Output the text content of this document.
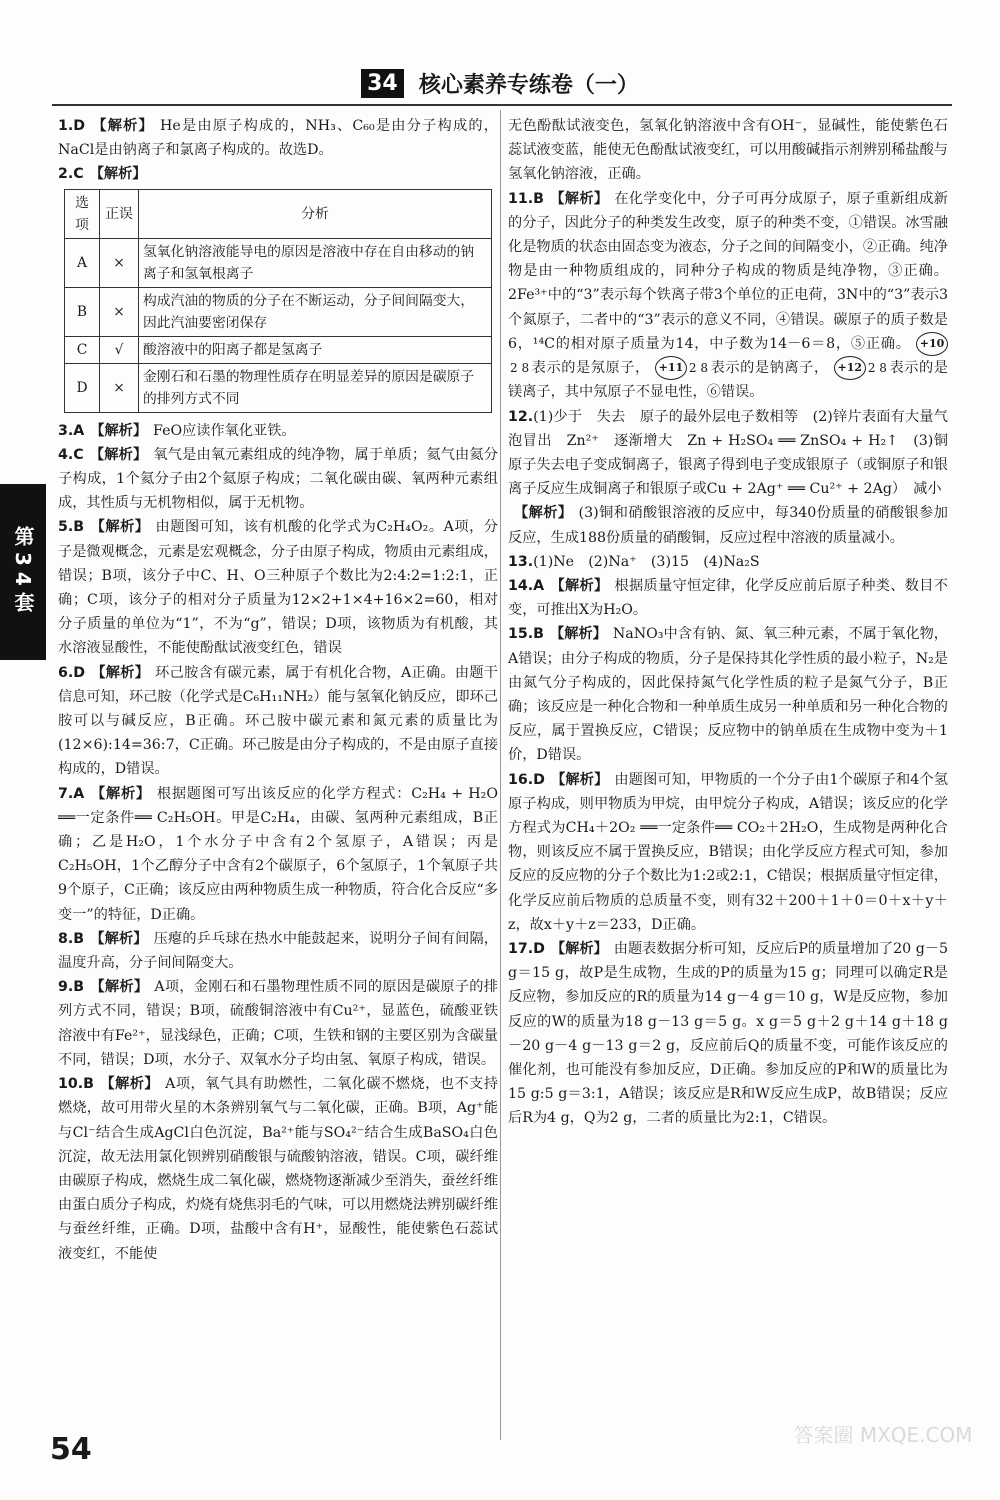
34 核心素养专练卷（一）
第34套
1.D 【解析】 He是由原子构成的，NH₃、C₆₀是由分子构成的，NaCl是由钠离子和氯离子构成的。故选D。
2.C 【解析】
选项	正误	分析
A	×	氢氧化钠溶液能导电的原因是溶液中存在自由移动的钠离子和氢氧根离子
B	×	构成汽油的物质的分子在不断运动，分子间间隔变大，因此汽油要密闭保存
C	√	酸溶液中的阳离子都是氢离子
D	×	金刚石和石墨的物理性质存在明显差异的原因是碳原子的排列方式不同
3.A 【解析】 FeO应读作氧化亚铁。
4.C 【解析】 氧气是由氧元素组成的纯净物，属于单质；氦气由氦分子构成，1个氦分子由2个氦原子构成；二氧化碳由碳、氧两种元素组成，其性质与无机物相似，属于无机物。
5.B 【解析】 由题图可知，该有机酸的化学式为C₂H₄O₂。A项，分子是微观概念，元素是宏观概念，分子由原子构成，物质由元素组成，错误；B项，该分子中C、H、O三种原子个数比为2:4:2=1:2:1，正确；C项，该分子的相对分子质量为12×2+1×4+16×2=60，相对分子质量的单位为“1”，不为“g”，错误；D项，该物质为有机酸，其水溶液显酸性，不能使酚酞试液变红色，错误
6.D 【解析】 环己胺含有碳元素，属于有机化合物，A正确。由题干信息可知，环己胺（化学式是C₆H₁₁NH₂）能与氢氧化钠反应，即环己胺可以与碱反应，B正确。环己胺中碳元素和氮元素的质量比为(12×6):14=36:7，C正确。环己胺是由分子构成的，不是由原子直接构成的，D错误。
7.A 【解析】 根据题图可写出该反应的化学方程式：C₂H₄ + H₂O ══一定条件══ C₂H₅OH。甲是C₂H₄，由碳、氢两种元素组成，B正确；乙是H₂O，1个水分子中含有2个氢原子，A错误；丙是C₂H₅OH，1个乙醇分子中含有2个碳原子，6个氢原子，1个氧原子共9个原子，C正确；该反应由两种物质生成一种物质，符合化合反应“多变一”的特征，D正确。
8.B 【解析】 压瘪的乒乓球在热水中能鼓起来，说明分子间有间隔，温度升高，分子间间隔变大。
9.B 【解析】 A项，金刚石和石墨物理性质不同的原因是碳原子的排列方式不同，错误；B项，硫酸铜溶液中有Cu²⁺，显蓝色，硫酸亚铁溶液中有Fe²⁺，显浅绿色，正确；C项，生铁和钢的主要区别为含碳量不同，错误；D项，水分子、双氧水分子均由氢、氧原子构成，错误。
10.B 【解析】 A项，氧气具有助燃性，二氧化碳不燃烧，也不支持燃烧，故可用带火星的木条辨别氧气与二氧化碳，正确。B项，Ag⁺能与Cl⁻结合生成AgCl白色沉淀，Ba²⁺能与SO₄²⁻结合生成BaSO₄白色沉淀，故无法用氯化钡辨别硝酸银与硫酸钠溶液，错误。C项，碳纤维由碳原子构成，燃烧生成二氧化碳，燃烧物逐渐减少至消失，蚕丝纤维由蛋白质分子构成，灼烧有烧焦羽毛的气味，可以用燃烧法辨别碳纤维与蚕丝纤维，正确。D项，盐酸中含有H⁺，显酸性，能使紫色石蕊试液变红，不能使
无色酚酞试液变色，氢氧化钠溶液中含有OH⁻，显碱性，能使紫色石蕊试液变蓝，能使无色酚酞试液变红，可以用酸碱指示剂辨别稀盐酸与氢氧化钠溶液，正确。
11.B 【解析】 在化学变化中，分子可再分成原子，原子重新组成新的分子，因此分子的种类发生改变，原子的种类不变，①错误。冰雪融化是物质的状态由固态变为液态，分子之间的间隔变小，②正确。纯净物是由一种物质组成的，同种分子构成的物质是纯净物，③正确。2Fe³⁺中的“3”表示每个铁离子带3个单位的正电荷，3N中的“3”表示3个氮原子，二者中的“3”表示的意义不同，④错误。碳原子的质子数是6，¹⁴C的相对原子质量为14，中子数为14－6＝8，⑤正确。 +102 8 表示的是氖原子， +11 2 8 表示的是钠离子， +12 2 8 表示的是镁离子，其中氖原子不显电性，⑥错误。
12.(1)少于　失去　原子的最外层电子数相等　(2)锌片表面有大量气泡冒出　Zn²⁺　逐渐增大　Zn + H₂SO₄ ══ ZnSO₄ + H₂↑　(3)铜原子失去电子变成铜离子，银离子得到电子变成银原子（或铜原子和银离子反应生成铜离子和银原子或Cu + 2Ag⁺ ══ Cu²⁺ + 2Ag）　减小
【解析】 (3)铜和硝酸银溶液的反应中，每340份质量的硝酸银参加反应，生成188份质量的硝酸铜，反应过程中溶液的质量减小。
13.(1)Ne　(2)Na⁺　(3)15　(4)Na₂S
14.A 【解析】 根据质量守恒定律，化学反应前后原子种类、数目不变，可推出X为H₂O。
15.B 【解析】 NaNO₃中含有钠、氮、氧三种元素，不属于氧化物，A错误；由分子构成的物质，分子是保持其化学性质的最小粒子，N₂是由氮气分子构成的，因此保持氮气化学性质的粒子是氮气分子，B正确；该反应是一种化合物和一种单质生成另一种单质和另一种化合物的反应，属于置换反应，C错误；反应物中的钠单质在生成物中变为＋1价，D错误。
16.D 【解析】 由题图可知，甲物质的一个分子由1个碳原子和4个氢原子构成，则甲物质为甲烷，由甲烷分子构成，A错误；该反应的化学方程式为CH₄＋2O₂ ══一定条件══ CO₂＋2H₂O，生成物是两种化合物，则该反应不属于置换反应，B错误；由化学反应方程式可知，参加反应的反应物的分子个数比为1:2或2:1，C错误；根据质量守恒定律，化学反应前后物质的总质量不变，则有32＋200＋1＋0＝0＋x＋y＋z，故x＋y＋z＝233，D正确。
17.D 【解析】 由题表数据分析可知，反应后P的质量增加了20 g－5 g＝15 g，故P是生成物，生成的P的质量为15 g；同理可以确定R是反应物，参加反应的R的质量为14 g－4 g＝10 g，W是反应物，参加反应的W的质量为18 g－13 g＝5 g。x g＝5 g＋2 g＋14 g＋18 g－20 g－4 g－13 g＝2 g，反应前后Q的质量不变，可能作该反应的催化剂，也可能没有参加反应，D正确。参加反应的P和W的质量比为15 g:5 g＝3:1，A错误；该反应是R和W反应生成P，故B错误；反应后R为4 g，Q为2 g，二者的质量比为2:1，C错误。
54	答案圈 MXQE.COM
